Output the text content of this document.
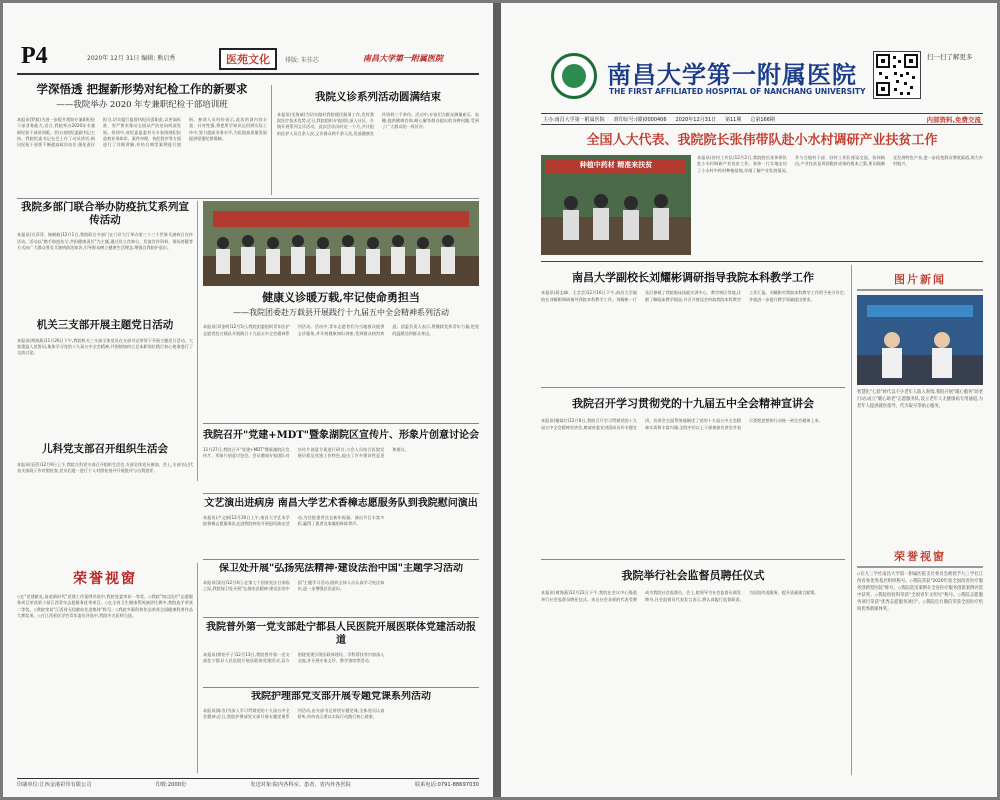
P4	2020年 12月 31日 编辑: 熊启秀	医苑文化	排版: 朱佳芯	南昌大学第一附属医院
学深悟透 把握新形势对纪检工作的新要求
——我院举办 2020 年专兼职纪检干部培训班
本报讯(罗毅)为进一步提升我院专兼职纪检干部业务能力,近日,我院举办2020年专兼职纪检干部培训班。会议由院纪委副书记主持。我院纪委书记在会上作了动员讲话,指出纪检干部要不断提高政治站位,强化责任担当,切实履行监督执纪问责职责,以更高标准、更严要求推动全面从严治党向纵深发展。培训中,省纪委监委有关专家围绕纪检监察业务知识、案件审理、执纪程序等方面进行了详细讲解,并结合典型案例进行剖析。参训人员纷纷表示,此次培训内容丰富、针对性强,将把所学知识运用到实际工作中,努力提高业务水平,为医院高质量发展提供坚强纪律保障。
我院义诊系列活动圆满结束
本报讯(毛海威)为切实做好我院便民服务工作,发挥我院医疗技术优势,近日,我院组织专家团队深入社区、乡镇开展系列义诊活动。此次活动历时近一个月,共计组织医护人员百余人次,义诊群众两千余人次,发放健康宣传资料三千余份。活动中,专家们为群众测量血压、血糖,提供健康咨询,耐心解答群众提出的各种问题,受到了广大群众的一致好评。
我院多部门联合举办防疫抗艾系列宣传活动
本报讯(方萍萍、杨帆帆)12月1日,我院联合多部门在门诊大厅举办第三十三个世界艾滋病日宣传活动。活动以"携手防疫抗艾,共担健康责任"为主题,通过设立咨询台、发放宣传资料、现场答疑等方式向广大群众普及艾滋病防治知识,引导群众树立健康生活理念,增强自我防护意识。
健康义诊暖万载,牢记使命勇担当
——我院团委赴万载县开展践行十九届五中全会精神系列活动
本报讯(邓金明)12月5日,我院团委组织青年医护志愿者赴万载县开展践行十九届五中全会精神系列活动。活动中,青年志愿者们为当地群众提供义诊服务,并开展健康知识讲座,受到群众热烈欢迎。团委负责人表示,将继续发挥青年力量,把党的温暖送到群众身边。
机关三支部开展主题党日活动
本报讯(黄海燕)11月26日下午,我院机关三支部全体党员在支部书记带领下开展主题党日活动。大家重温入党誓词,集体学习党的十九届五中全会精神,并围绕如何立足本职岗位践行初心使命进行了交流讨论。
儿科党支部召开组织生活会
本报讯(袁蓓)12月9日上午,我院儿科党支部召开组织生活会,支部全体党员参加。会上,支部书记代表支部班子作对照检查,党员们逐一进行个人对照检查并开展批评与自我批评。
我院召开"党建+MDT"暨象湖院区宣传片、形象片创意讨论会
11月27日,我院召开"党建+MDT"暨象湖院区宣传片、形象片创意讨论会。会议邀请专家团队对宣传片创意方案进行研讨,与会人员结合医院发展历程及党建工作特色,提出了许多建设性意见和建议。
文艺演出进病房 南昌大学艺术香樟志愿服务队到我院慰问演出
本报讯(卢文娟)12月30日上午,南昌大学艺术学院香樟志愿服务队走进我院病房开展慰问演出活动,为住院患者送去新年祝福。演出节目丰富多彩,赢得了患者及家属的阵阵掌声。
荣誉视窗
◇在"党建献礼,奋进新时代"党建工作案例评选中,我院党委荣获一等奖。◇我院"知点医疗"志愿服务项目荣获第十届江西青年志愿服务优秀项目。◇在全省卫生健康系统演讲比赛中,我院选手荣获二等奖。◇我院荣获"江西省无偿献血先进集体"称号。◇我院多篇科普作品荣获全国健康科普作品大赛奖项。◇在江西省医学会青年委员评选中,我院多名医师当选。
保卫处开展"弘扬宪法精神·建设法治中国"主题学习活动
本报讯(梁昌)12月4日,在第七个国家宪法日来临之际,我院保卫处开展"弘扬宪法精神·建设法治中国"主题学习活动,组织全体人员认真学习宪法知识,进一步增强法治意识。
我院普外第一党支部赴宁都县人民医院开展医联体党建活动报道
本报讯(徐怡平子)12月13日,我院普外第一党支部赴宁都县人民医院开展医联体党建活动,双方围绕党建引领医联体建设、学科帮扶等内容深入交流,并开展专家义诊、教学查房等活动。
我院护理部党支部开展专题党课系列活动
本报讯(陈洁)为深入学习贯彻党的十九届五中全会精神,近日,我院护理部党支部开展专题党课系列活动,由支部书记讲授专题党课,全体党员认真聆听,纷纷表示要以实际行动践行初心使命。
印刷单位:江西金港彩印有限公司	印数:2000份	发送对象:院内各科室、患者、省内外各医院	联系电话:0791-88697030
南昌大学第一附属医院
THE FIRST AFFILIATED HOSPITAL OF NANCHANG UNIVERSITY
扫一扫了解更多
主办:南昌大学第一附属医院 准印证号:(赣)0000406 2020年12月31日 第11期 总第166期	内部资料,免费交流
全国人大代表、我院院长张伟带队赴小水村调研产业扶贫工作
种植中药材 精准来扶贫
本报讯(驻村工作队)12月2日,我院院长张伟带队赴小水村调研产业扶贫工作。张伟一行实地走访了小水村中药材种植基地,详细了解产业发展情况,并与当地村干部、驻村工作队座谈交流。张伟指出,产业扶贫是巩固脱贫成果的根本之策,要因地制宜发展特色产业,进一步拓宽群众增收渠道,助力乡村振兴。
图片新闻
智慧化"七彩"时代以不少老年人陷入窘境,我院开展"暖心服务"助老行动,成立"暖心助老"志愿服务队,设立老年人无健康码专用通道,为老年人提供就医指导、代为取号等贴心服务。
荣誉视窗
◇在九三学社南昌大学第一附属医院支社委员会被授予九三学社江西省委优秀基层组织称号。◇我院荣获"2020年度全国改善医疗服务创新型医院"称号。◇我院选送案例在全省医疗服务创新案例评选中获奖。◇我院检验科荣获"全国青年文明号"称号。◇我院志愿服务项目荣获"优秀志愿服务项目"。◇我院官方微信荣获全国医疗机构优秀新媒体奖。
南昌大学副校长刘耀彬调研指导我院本科教学工作
本报讯(蒋志峰、王芸芸)12月16日下午,南昌大学副校长刘耀彬调研指导我院本科教学工作。刘耀彬一行先后参观了我院临床技能实训中心、教学病区等地,详细了解临床教学情况,并召开座谈会听取我院本科教学工作汇报。刘耀彬对我院本科教学工作给予充分肯定,并就进一步提升教学质量提出要求。
我院召开学习贯彻党的十九届五中全会精神宣讲会
本报讯(谢嵩红)12月8日,我院召开学习贯彻党的十九届五中全会精神宣讲会,邀请省委宣讲团成员作专题宣讲。宣讲会全面系统地阐述了党的十九届五中全会精神实质和丰富内涵,全院中层以上干部参加宣讲会并表示要把思想和行动统一到全会精神上来。
我院举行社会监督员聘任仪式
本报讯(黄海燕)12月22日下午,我院在会议中心隆重举行社会监督员聘任仪式。来自社会各界的代表受聘成为我院社会监督员。会上,院领导为社会监督员颁发聘书,社会监督员代表发言表示,将认真履行监督职责,为医院改进服务、提升质量建言献策。
